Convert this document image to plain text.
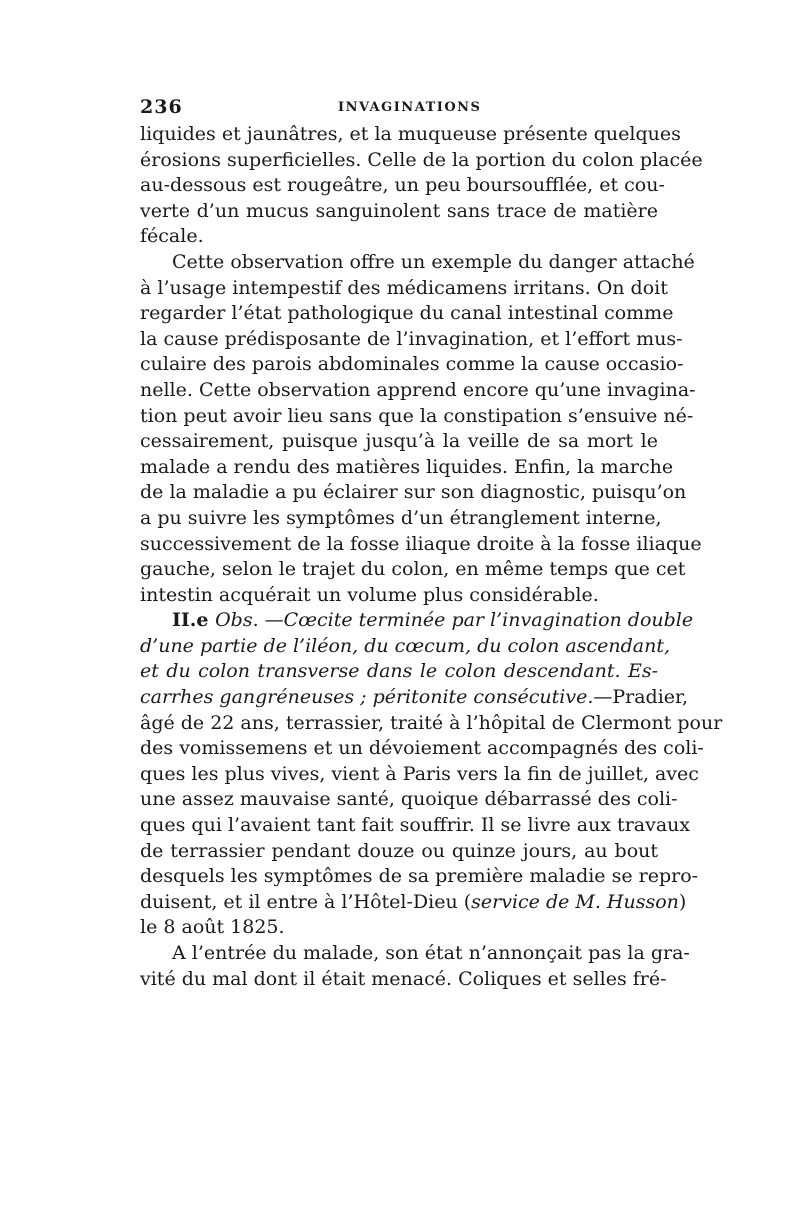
236	INVAGINATIONS
liquides et jaunâtres, et la muqueuse présente quelques
érosions superficielles. Celle de la portion du colon placée
au-dessous est rougeâtre, un peu boursoufflée, et cou-
verte d’un mucus sanguinolent sans trace de matière
fécale.
Cette observation offre un exemple du danger attaché
à l’usage intempestif des médicamens irritans. On doit
regarder l’état pathologique du canal intestinal comme
la cause prédisposante de l’invagination, et l’effort mus-
culaire des parois abdominales comme la cause occasio-
nelle. Cette observation apprend encore qu’une invagina-
tion peut avoir lieu sans que la constipation s’ensuive né-
cessairement, puisque jusqu’à la veille de sa mort le
malade a rendu des matières liquides. Enfin, la marche
de la maladie a pu éclairer sur son diagnostic, puisqu’on
a pu suivre les symptômes d’un étranglement interne,
successivement de la fosse iliaque droite à la fosse iliaque
gauche, selon le trajet du colon, en même temps que cet
intestin acquérait un volume plus considérable.
II.e Obs. —Cœcite terminée par l’invagination double
d’une partie de l’iléon, du cœcum, du colon ascendant,
et du colon transverse dans le colon descendant. Es-
carrhes gangréneuses ; péritonite consécutive.—Pradier,
âgé de 22 ans, terrassier, traité à l’hôpital de Clermont pour
des vomissemens et un dévoiement accompagnés des coli-
ques les plus vives, vient à Paris vers la fin de juillet, avec
une assez mauvaise santé, quoique débarrassé des coli-
ques qui l’avaient tant fait souffrir. Il se livre aux travaux
de terrassier pendant douze ou quinze jours, au bout
desquels les symptômes de sa première maladie se repro-
duisent, et il entre à l’Hôtel-Dieu (service de M. Husson)
le 8 août 1825.
A l’entrée du malade, son état n’annonçait pas la gra-
vité du mal dont il était menacé. Coliques et selles fré-
